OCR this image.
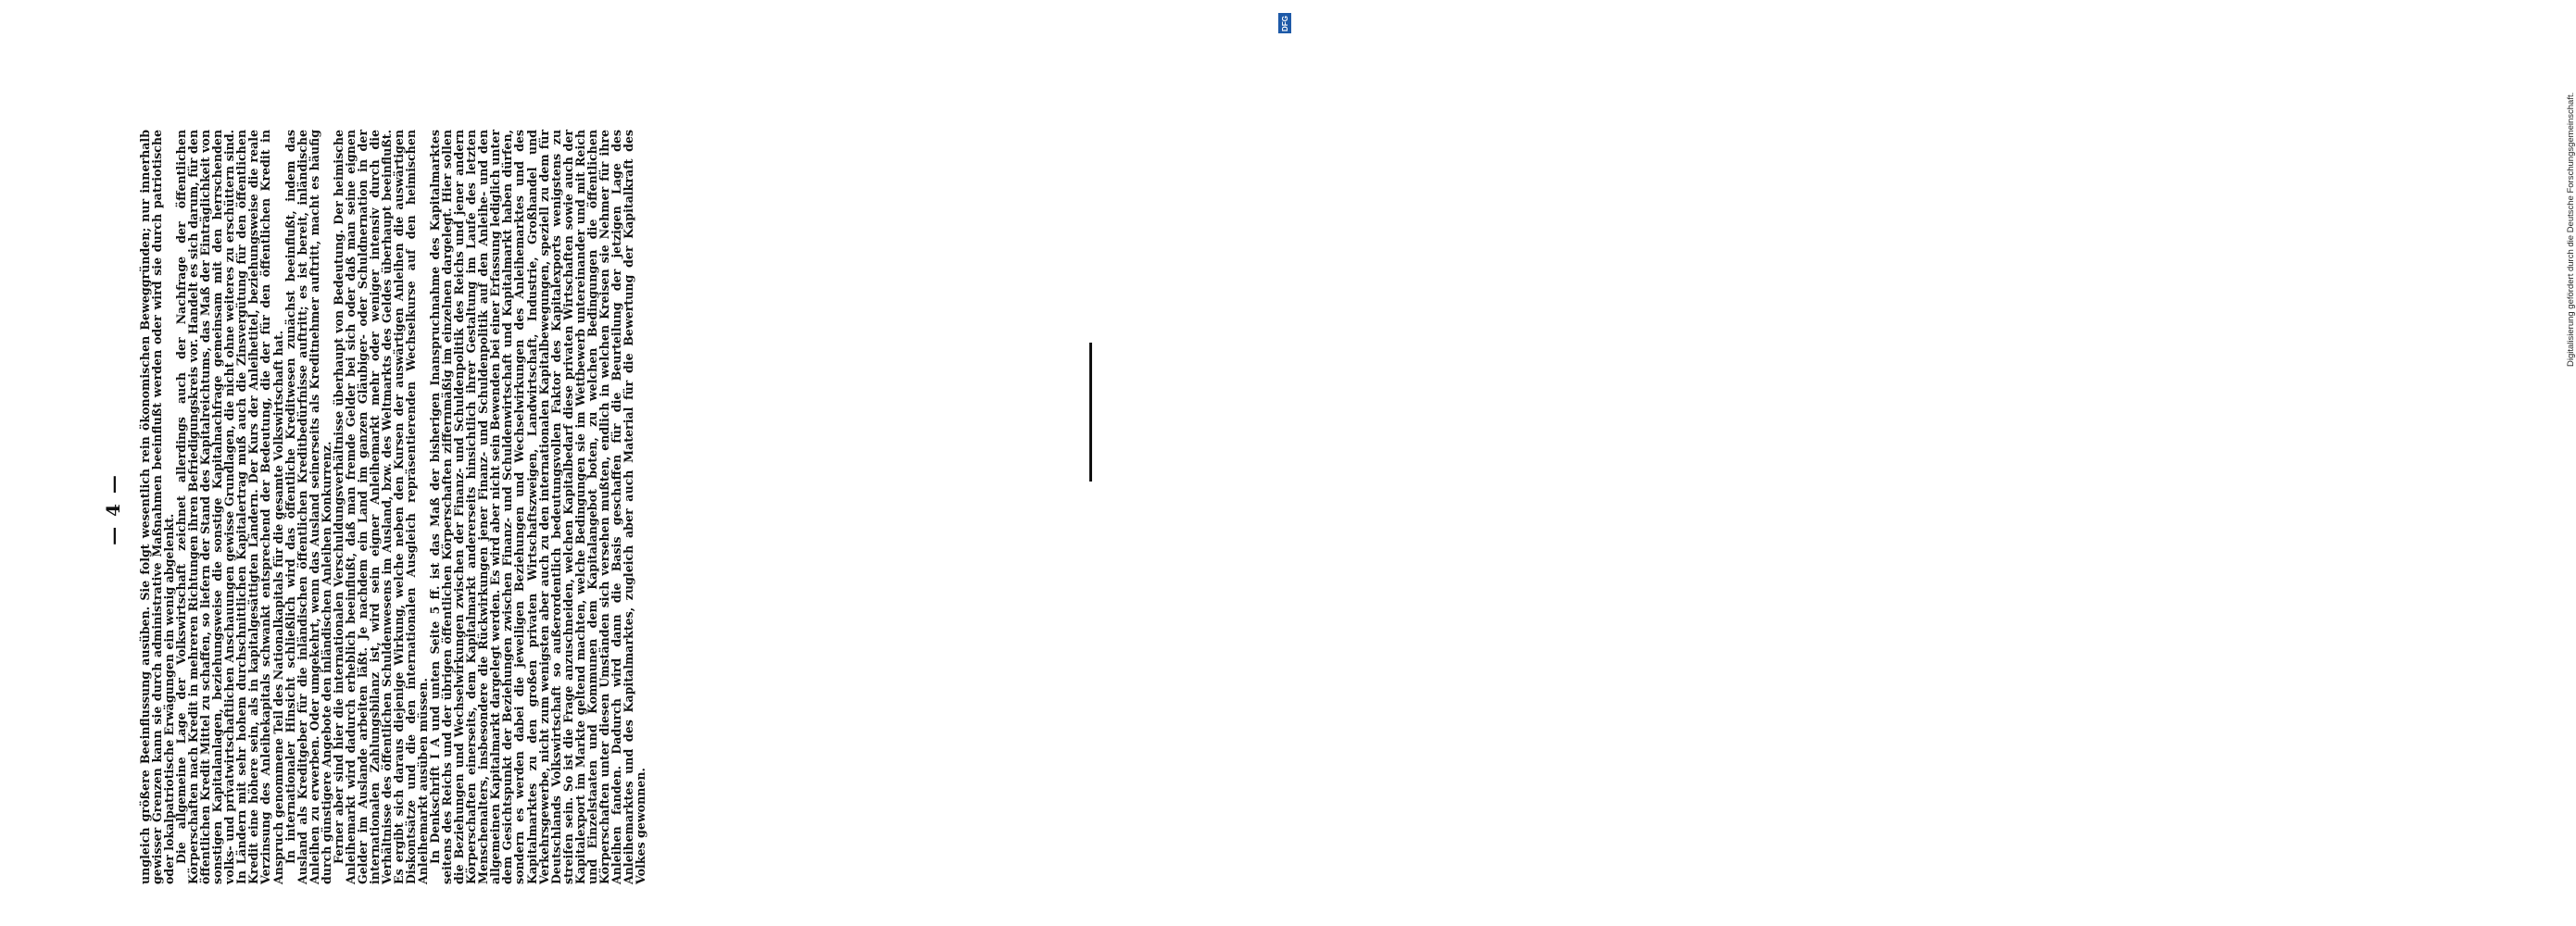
— 4 — ungleich größere Beeinflussung ausüben. Sie folgt wesentlich rein ökonomischen Beweggründen; nur innerhalb gewisser Grenzen kann sie durch administrative Maßnahmen beeinflußt werden oder wird sie durch patriotische oder lokalpatriotische Erwägungen ein wenig abgelenkt.

Die allgemeine Lage der Volkswirtschaft zeichnet allerdings auch der Nachfrage der öffentlichen Körperschaften nach Kredit in mehreren Richtungen ihren Befriedigungskreis vor. Handelt es sich darum, für den öffentlichen Kredit Mittel zu schaffen, so liefern der Stand des Kapitalreichtums, das Maß der Einträglichkeit von sonstigen Kapitalanlagen, beziehungsweise die sonstige Kapitalnachfrage gemeinsam mit den herrschenden volks- und privatwirtschaftlichen Anschauungen gewisse Grundlagen, die nicht ohne weiteres zu erschüttern sind. In Ländern mit sehr hohem durchschnittlichen Kapitalertrag muß auch die Zinsvergütung für den öffentlichen Kredit eine höhere sein, als in kapitalgesättigten Ländern. Der Kurs der Anleihetitel, beziehungsweise die reale Verzinsung des Anleihekapitals schwankt entsprechend der Bedeutung, die der für den öffentlichen Kredit in Anspruch genommene Teil des Nationalkapitals für die gesamte Volkswirtschaft hat.

In internationaler Hinsicht schließlich wird das öffentliche Kreditwesen zunächst beeinflußt, indem das Ausland als Kreditgeber für die inländischen öffentlichen Kreditbedürfnisse auftritt; es ist bereit, inländische Anleihen zu erwerben. Oder umgekehrt, wenn das Ausland seinerseits als Kreditnehmer auftritt, macht es häufig durch günstigere Angebote den inländischen Anleihen Konkurrenz.

Ferner aber sind hier die internationalen Verschuldungsverhältnisse überhaupt von Bedeutung. Der heimische Anleihemarkt wird dadurch erheblich beeinflußt, daß man fremde Gelder bei sich oder daß man seine eignen Gelder im Auslande arbeiten läßt. Je nachdem ein Land im ganzen Gläubiger- oder Schuldnernation in der internationalen Zahlungsbilanz ist, wird sein eigner Anleihemarkt mehr oder weniger intensiv durch die Verhältnisse des öffentlichen Schuldenwesens im Ausland, bzw. des Weltmarkts des Geldes überhaupt beeinflußt. Es ergibt sich daraus diejenige Wirkung, welche neben den Kursen der auswärtigen Anleihen die auswärtigen Diskontsätze und die den internationalen Ausgleich repräsentierenden Wechselkurse auf den heimischen Anleihemarkt ausüben müssen.

In Denkschrift I A und unten Seite 5 ff. ist das Maß der bisherigen Inanspruchnahme des Kapitalmarktes seitens des Reichs und der übrigen öffentlichen Körperschaften ziffernmäßig im einzelnen dargelegt. Hier sollen die Beziehungen und Wechselwirkungen zwischen der Finanz- und Schuldenpolitik des Reichs und jener andern Körperschaften einerseits, dem Kapitalmarkt andererseits hinsichtlich ihrer Gestaltung im Laufe des letzten Menschenalters, insbesondere die Rückwirkungen jener Finanz- und Schuldenpolitik auf den Anleihe- und den allgemeinen Kapitalmarkt dargelegt werden. Es wird aber nicht sein Bewenden bei einer Erfassung lediglich unter dem Gesichtspunkt der Beziehungen zwischen Finanz- und Schuldenwirtschaft und Kapitalmarkt haben dürfen, sondern es werden dabei die jeweiligen Beziehungen und Wechselwirkungen des Anleihemarktes und des Kapitalmarktes zu den großen privaten Wirtschaftszweigen, Landwirtschaft, Industrie, Großhandel und Verkehrsgewerbe, nicht zum wenigsten aber auch zu den internationalen Kapitalbewegungen, speziell zu dem für Deutschlands Volkswirtschaft so außerordentlich bedeutungsvollen Faktor des Kapitalexports wenigstens zu streifen sein. So ist die Frage anzuschneiden, welchen Kapitalbedarf diese privaten Wirtschaften sowie auch der Kapitalexport im Markte geltend machten, welche Bedingungen sie im Wettbewerb untereinander und mit Reich und Einzelstaaten und Kommunen dem Kapitalangebot boten, zu welchen Bedingungen die öffentlichen Körperschaften unter diesen Umständen sich versehen mußten, endlich in welchen Kreisen sie Nehmer für ihre Anleihen fanden. Dadurch wird dann die Basis geschaffen für die Beurteilung der jetzigen Lage des Anleihemarktes und des Kapitalmarktes, zugleich aber auch Material für die Bewertung der Kapitalkraft des Volkes gewonnen.

DFG
Digitalisierung gefördert durch die Deutsche Forschungsgemeinschaft.
